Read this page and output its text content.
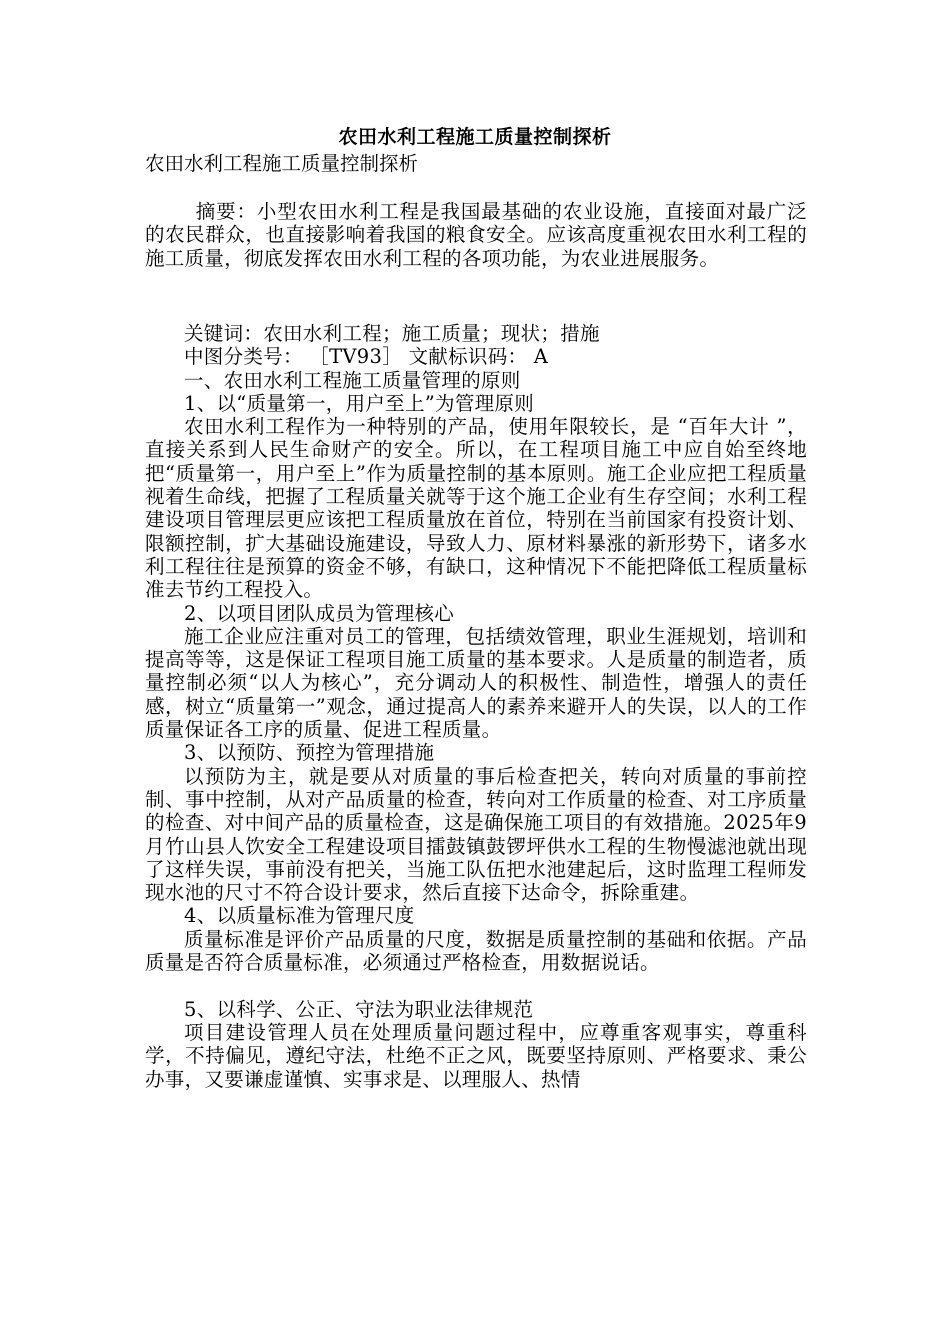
农田水利工程施工质量控制探析
农田水利工程施工质量控制探析

摘要：小型农田水利工程是我国最基础的农业设施，直接面对最广泛的农民群众，也直接影响着我国的粮食安全。应该高度重视农田水利工程的施工质量，彻底发挥农田水利工程的各项功能，为农业进展服务。

关键词：农田水利工程；施工质量；现状；措施

中图分类号： ［TV93］ 文献标识码： A

一、农田水利工程施工质量管理的原则

1、以“质量第一，用户至上”为管理原则

农田水利工程作为一种特别的产品，使用年限较长，是 “百年大计 ”，直接关系到人民生命财产的安全。所以，在工程项目施工中应自始至终地把“质量第一，用户至上”作为质量控制的基本原则。施工企业应把工程质量视着生命线，把握了工程质量关就等于这个施工企业有生存空间；水利工程建设项目管理层更应该把工程质量放在首位，特别在当前国家有投资计划、限额控制，扩大基础设施建设，导致人力、原材料暴涨的新形势下，诸多水利工程往往是预算的资金不够，有缺口，这种情况下不能把降低工程质量标准去节约工程投入。

2、以项目团队成员为管理核心

施工企业应注重对员工的管理，包括绩效管理，职业生涯规划，培训和提高等等，这是保证工程项目施工质量的基本要求。人是质量的制造者，质量控制必须“以人为核心”，充分调动人的积极性、制造性，增强人的责任感，树立“质量第一”观念，通过提高人的素养来避开人的失误，以人的工作质量保证各工序的质量、促进工程质量。

3、以预防、预控为管理措施

以预防为主，就是要从对质量的事后检查把关，转向对质量的事前控制、事中控制，从对产品质量的检查，转向对工作质量的检查、对工序质量的检查、对中间产品的质量检查，这是确保施工项目的有效措施。2025年9月竹山县人饮安全工程建设项目擂鼓镇鼓锣坪供水工程的生物慢滤池就出现了这样失误，事前没有把关，当施工队伍把水池建起后，这时监理工程师发现水池的尺寸不符合设计要求，然后直接下达命令，拆除重建。

4、以质量标准为管理尺度

质量标准是评价产品质量的尺度，数据是质量控制的基础和依据。产品质量是否符合质量标准，必须通过严格检查，用数据说话。

5、以科学、公正、守法为职业法律规范

项目建设管理人员在处理质量问题过程中，应尊重客观事实，尊重科学，不持偏见，遵纪守法，杜绝不正之风，既要坚持原则、严格要求、秉公办事，又要谦虚谨慎、实事求是、以理服人、热情
